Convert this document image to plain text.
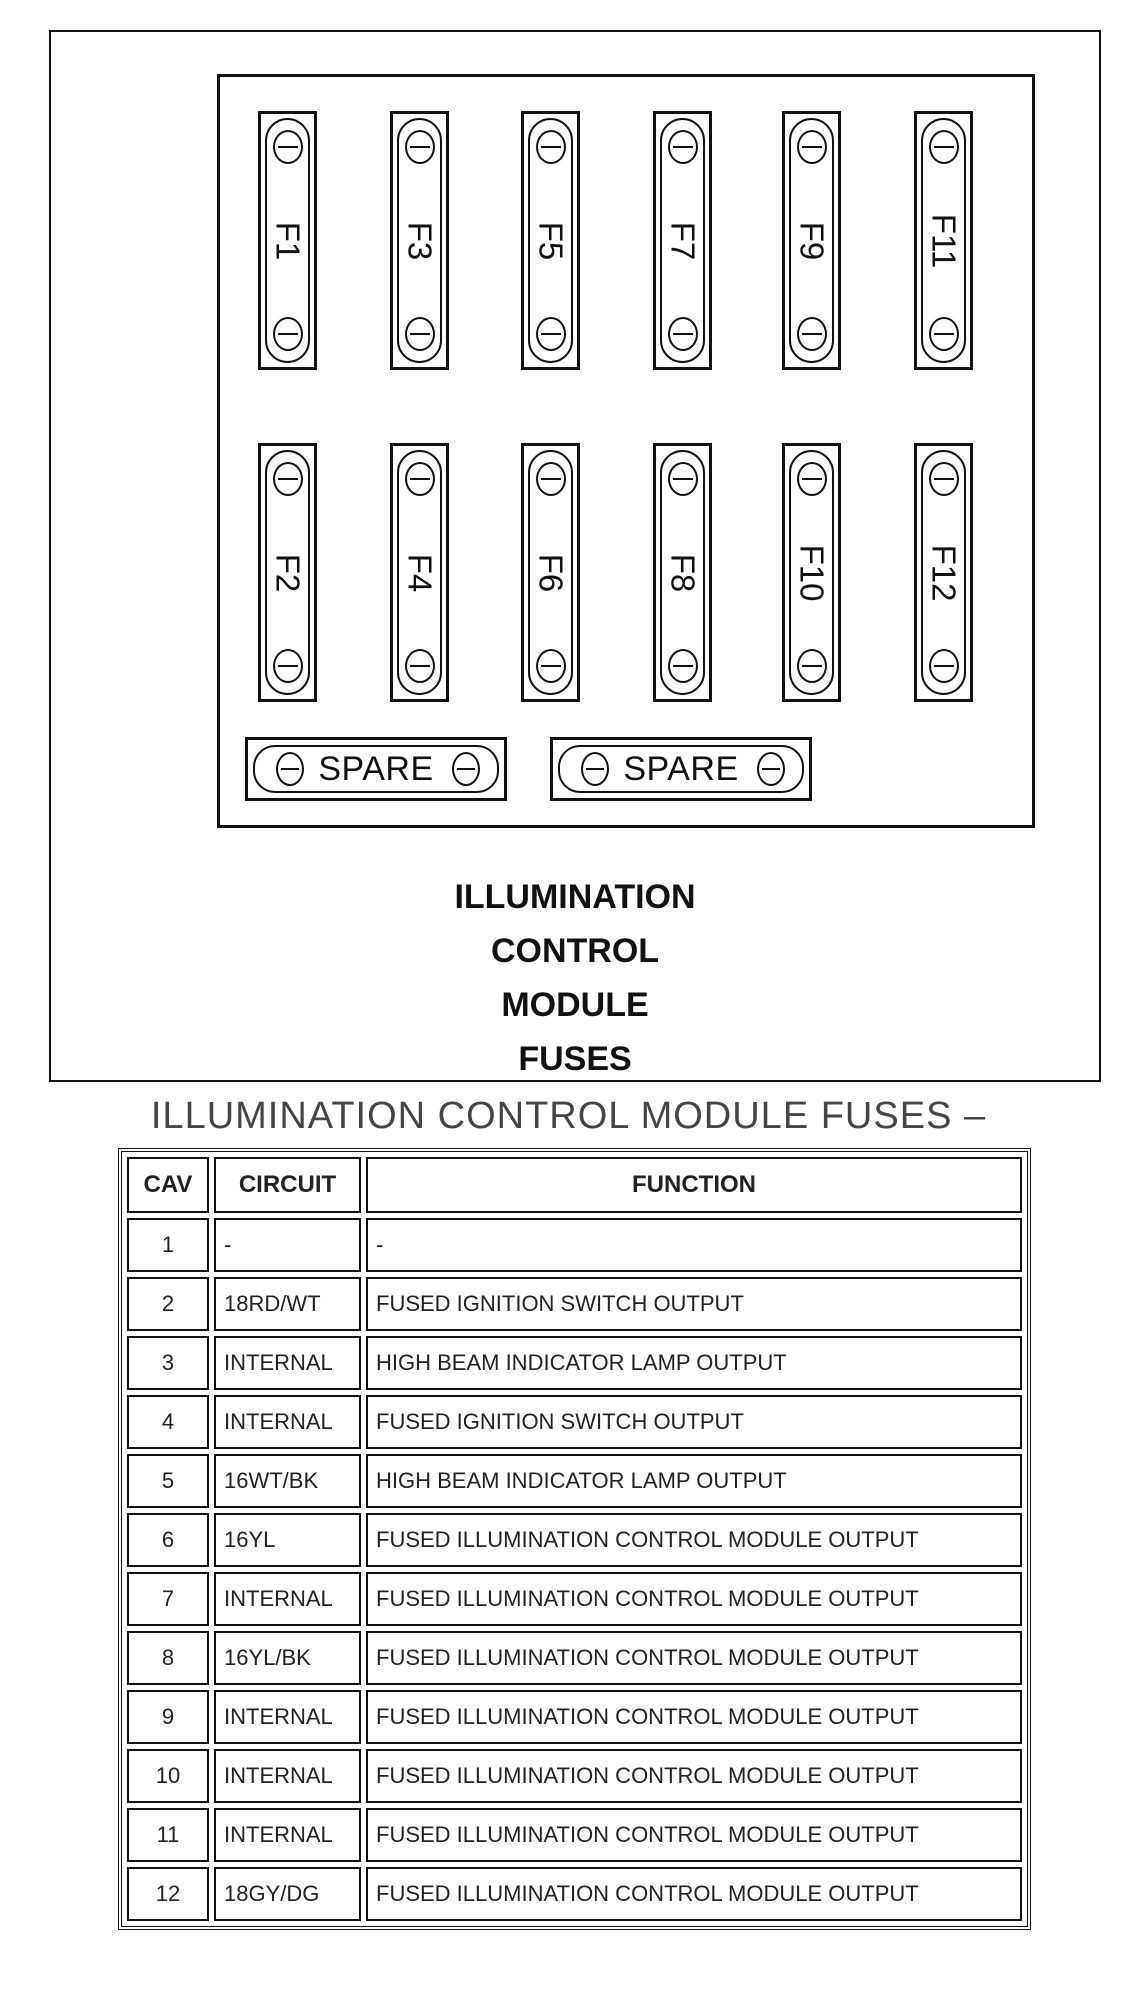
F1	F3	F5	F7	F9	F11
F2	F4	F6	F8	F10	F12
SPARE	SPARE
ILLUMINATION
CONTROL
MODULE
FUSES
ILLUMINATION CONTROL MODULE FUSES –
CAV	CIRCUIT	FUNCTION
1	-	-
2	18RD/WT	FUSED IGNITION SWITCH OUTPUT
3	INTERNAL	HIGH BEAM INDICATOR LAMP OUTPUT
4	INTERNAL	FUSED IGNITION SWITCH OUTPUT
5	16WT/BK	HIGH BEAM INDICATOR LAMP OUTPUT
6	16YL	FUSED ILLUMINATION CONTROL MODULE OUTPUT
7	INTERNAL	FUSED ILLUMINATION CONTROL MODULE OUTPUT
8	16YL/BK	FUSED ILLUMINATION CONTROL MODULE OUTPUT
9	INTERNAL	FUSED ILLUMINATION CONTROL MODULE OUTPUT
10	INTERNAL	FUSED ILLUMINATION CONTROL MODULE OUTPUT
11	INTERNAL	FUSED ILLUMINATION CONTROL MODULE OUTPUT
12	18GY/DG	FUSED ILLUMINATION CONTROL MODULE OUTPUT
